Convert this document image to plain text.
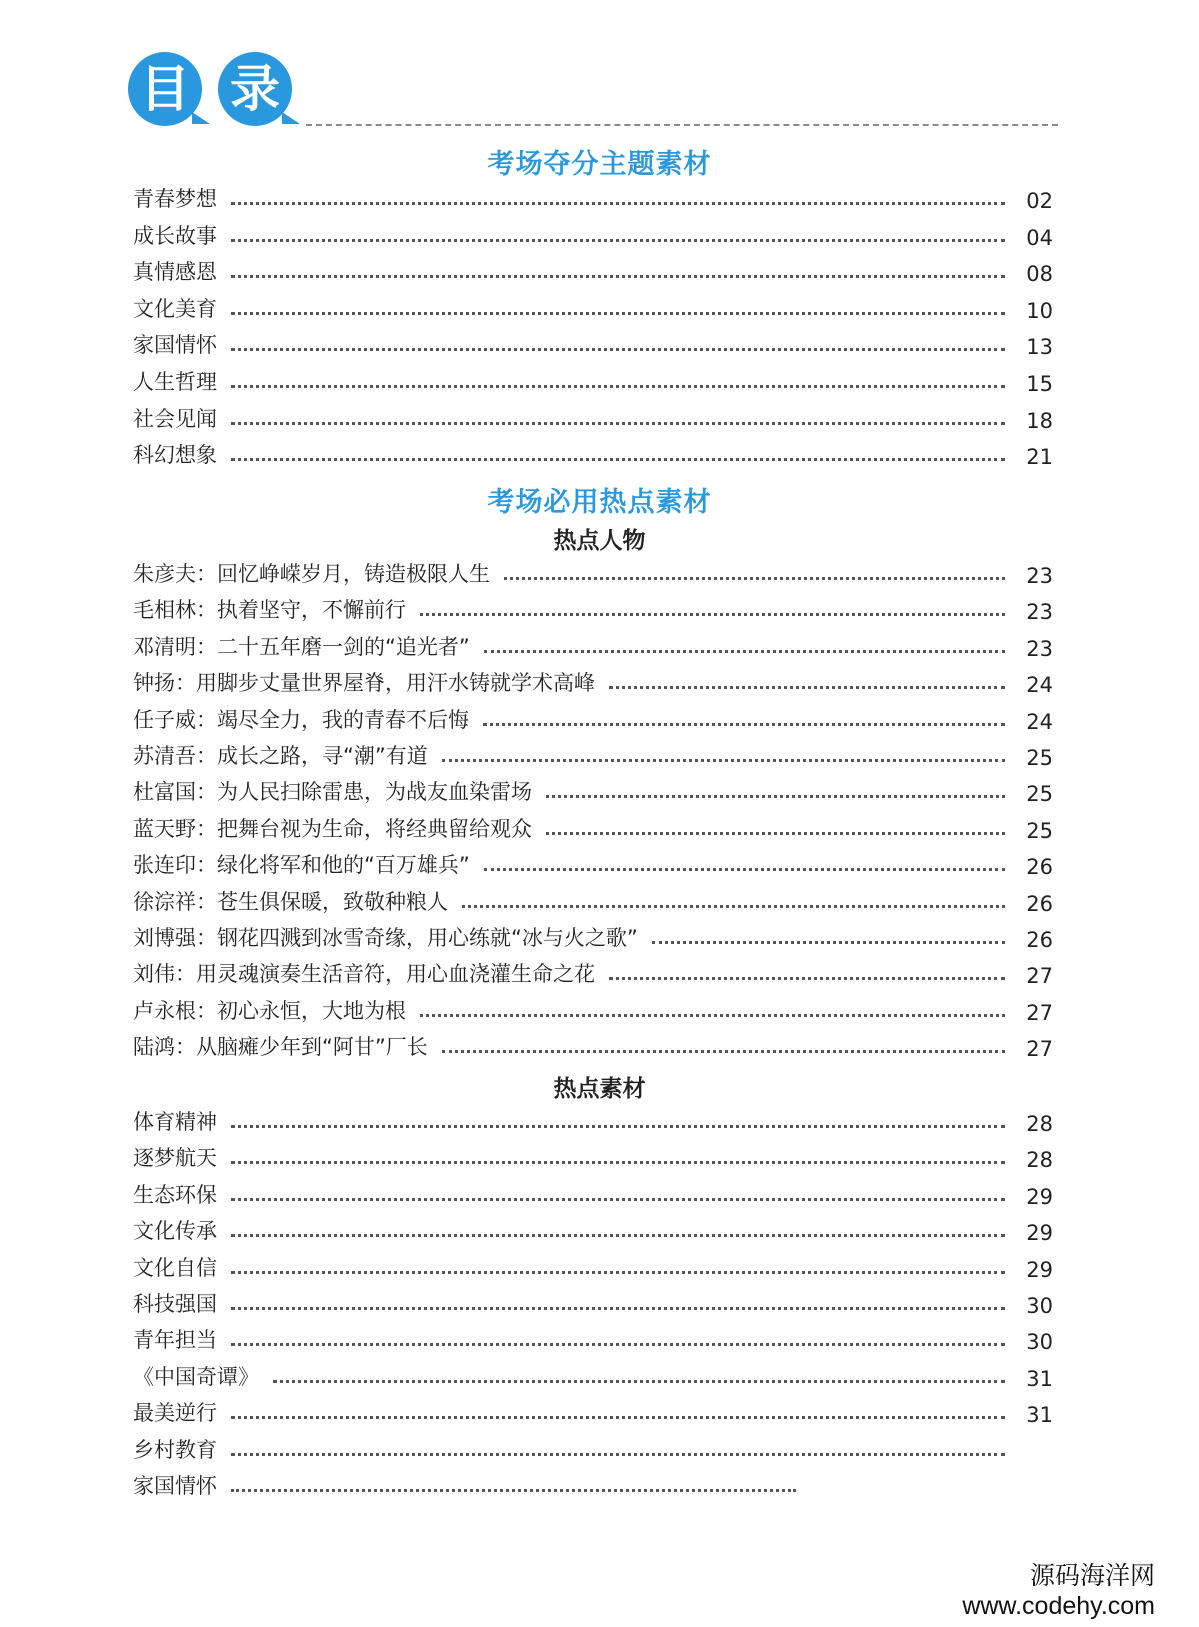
目 录
考场夺分主题素材
青春梦想	02
成长故事	04
真情感恩	08
文化美育	10
家国情怀	13
人生哲理	15
社会见闻	18
科幻想象	21
考场必用热点素材
热点人物
朱彦夫：回忆峥嵘岁月，铸造极限人生	23
毛相林：执着坚守，不懈前行	23
邓清明：二十五年磨一剑的“追光者”	23
钟扬：用脚步丈量世界屋脊，用汗水铸就学术高峰	24
任子威：竭尽全力，我的青春不后悔	24
苏清吾：成长之路，寻“潮”有道	25
杜富国：为人民扫除雷患，为战友血染雷场	25
蓝天野：把舞台视为生命，将经典留给观众	25
张连印：绿化将军和他的“百万雄兵”	26
徐淙祥：苍生俱保暖，致敬种粮人	26
刘博强：钢花四溅到冰雪奇缘，用心练就“冰与火之歌”	26
刘伟：用灵魂演奏生活音符，用心血浇灌生命之花	27
卢永根：初心永恒，大地为根	27
陆鸿：从脑瘫少年到“阿甘”厂长	27
热点素材
体育精神	28
逐梦航天	28
生态环保	29
文化传承	29
文化自信	29
科技强国	30
青年担当	30
《中国奇谭》	31
最美逆行	31
乡村教育
家国情怀
源码海洋网
www.codehy.com
